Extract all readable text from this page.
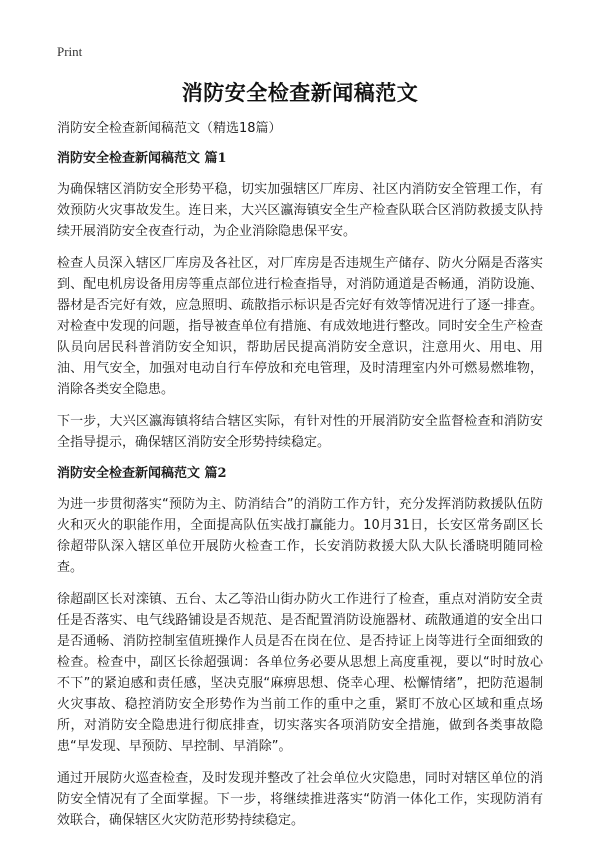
Print
消防安全检查新闻稿范文

消防安全检查新闻稿范文（精选18篇）

消防安全检查新闻稿范文 篇1

为确保辖区消防安全形势平稳，切实加强辖区厂库房、社区内消防安全管理工作，有效预防火灾事故发生。连日来，大兴区瀛海镇安全生产检查队联合区消防救援支队持续开展消防安全夜查行动，为企业消除隐患保平安。

检查人员深入辖区厂库房及各社区，对厂库房是否违规生产储存、防火分隔是否落实到、配电机房设备用房等重点部位进行检查指导，对消防通道是否畅通，消防设施、器材是否完好有效，应急照明、疏散指示标识是否完好有效等情况进行了逐一排查。对检查中发现的问题，指导被查单位有措施、有成效地进行整改。同时安全生产检查队员向居民科普消防安全知识，帮助居民提高消防安全意识，注意用火、用电、用油、用气安全，加强对电动自行车停放和充电管理，及时清理室内外可燃易燃堆物，消除各类安全隐患。

下一步，大兴区瀛海镇将结合辖区实际，有针对性的开展消防安全监督检查和消防安全指导提示，确保辖区消防安全形势持续稳定。

消防安全检查新闻稿范文 篇2

为进一步贯彻落实“预防为主、防消结合”的消防工作方针，充分发挥消防救援队伍防火和灭火的职能作用，全面提高队伍实战打赢能力。10月31日，长安区常务副区长徐超带队深入辖区单位开展防火检查工作，长安消防救援大队大队长潘晓明随同检查。

徐超副区长对滦镇、五台、太乙等沿山街办防火工作进行了检查，重点对消防安全责任是否落实、电气线路铺设是否规范、是否配置消防设施器材、疏散通道的安全出口是否通畅、消防控制室值班操作人员是否在岗在位、是否持证上岗等进行全面细致的检查。检查中，副区长徐超强调：各单位务必要从思想上高度重视，要以“时时放心不下”的紧迫感和责任感，坚决克服“麻痹思想、侥幸心理、松懈情绪”，把防范遏制火灾事故、稳控消防安全形势作为当前工作的重中之重，紧盯不放心区域和重点场所，对消防安全隐患进行彻底排查，切实落实各项消防安全措施，做到各类事故隐患“早发现、早预防、早控制、早消除”。

通过开展防火巡查检查，及时发现并整改了社会单位火灾隐患，同时对辖区单位的消防安全情况有了全面掌握。下一步，将继续推进落实“防消一体化工作，实现防消有效联合，确保辖区火灾防范形势持续稳定。
